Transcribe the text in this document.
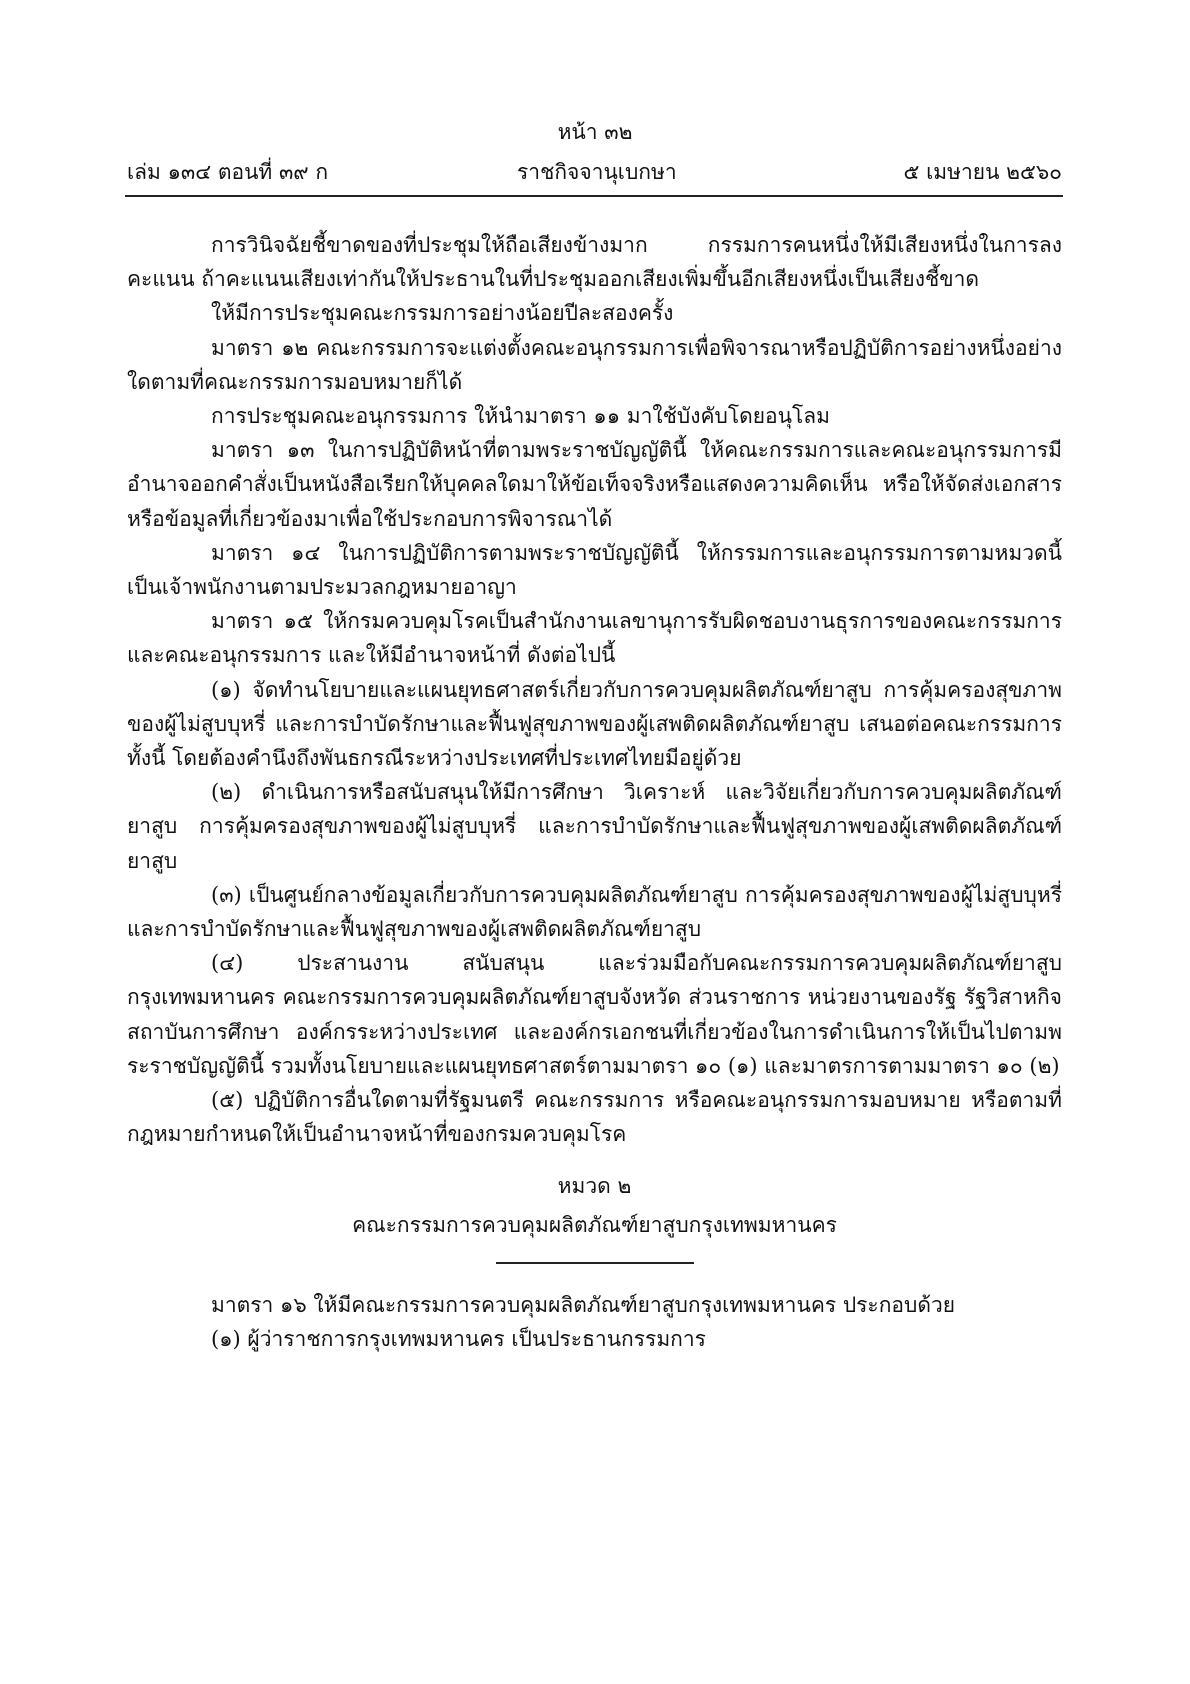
หน้า ๓๒
เล่ม ๑๓๔ ตอนที่ ๓๙ ก	ราชกิจจานุเบกษา	๕ เมษายน ๒๕๖๐

การวินิจฉัยชี้ขาดของที่ประชุมให้ถือเสียงข้างมาก กรรมการคนหนึ่งให้มีเสียงหนึ่งในการลงคะแนน ถ้าคะแนนเสียงเท่ากันให้ประธานในที่ประชุมออกเสียงเพิ่มขึ้นอีกเสียงหนึ่งเป็นเสียงชี้ขาด

ให้มีการประชุมคณะกรรมการอย่างน้อยปีละสองครั้ง

มาตรา ๑๒ คณะกรรมการจะแต่งตั้งคณะอนุกรรมการเพื่อพิจารณาหรือปฏิบัติการอย่างหนึ่งอย่างใดตามที่คณะกรรมการมอบหมายก็ได้

การประชุมคณะอนุกรรมการ ให้นำมาตรา ๑๑ มาใช้บังคับโดยอนุโลม

มาตรา ๑๓ ในการปฏิบัติหน้าที่ตามพระราชบัญญัตินี้ ให้คณะกรรมการและคณะอนุกรรมการมีอำนาจออกคำสั่งเป็นหนังสือเรียกให้บุคคลใดมาให้ข้อเท็จจริงหรือแสดงความคิดเห็น หรือให้จัดส่งเอกสารหรือข้อมูลที่เกี่ยวข้องมาเพื่อใช้ประกอบการพิจารณาได้

มาตรา ๑๔ ในการปฏิบัติการตามพระราชบัญญัตินี้ ให้กรรมการและอนุกรรมการตามหมวดนี้เป็นเจ้าพนักงานตามประมวลกฎหมายอาญา

มาตรา ๑๕ ให้กรมควบคุมโรคเป็นสำนักงานเลขานุการรับผิดชอบงานธุรการของคณะกรรมการและคณะอนุกรรมการ และให้มีอำนาจหน้าที่ ดังต่อไปนี้

(๑) จัดทำนโยบายและแผนยุทธศาสตร์เกี่ยวกับการควบคุมผลิตภัณฑ์ยาสูบ การคุ้มครองสุขภาพของผู้ไม่สูบบุหรี่ และการบำบัดรักษาและฟื้นฟูสุขภาพของผู้เสพติดผลิตภัณฑ์ยาสูบ เสนอต่อคณะกรรมการ ทั้งนี้ โดยต้องคำนึงถึงพันธกรณีระหว่างประเทศที่ประเทศไทยมีอยู่ด้วย

(๒) ดำเนินการหรือสนับสนุนให้มีการศึกษา วิเคราะห์ และวิจัยเกี่ยวกับการควบคุมผลิตภัณฑ์ยาสูบ การคุ้มครองสุขภาพของผู้ไม่สูบบุหรี่ และการบำบัดรักษาและฟื้นฟูสุขภาพของผู้เสพติดผลิตภัณฑ์ยาสูบ

(๓) เป็นศูนย์กลางข้อมูลเกี่ยวกับการควบคุมผลิตภัณฑ์ยาสูบ การคุ้มครองสุขภาพของผู้ไม่สูบบุหรี่ และการบำบัดรักษาและฟื้นฟูสุขภาพของผู้เสพติดผลิตภัณฑ์ยาสูบ

(๔) ประสานงาน สนับสนุน และร่วมมือกับคณะกรรมการควบคุมผลิตภัณฑ์ยาสูบกรุงเทพมหานคร คณะกรรมการควบคุมผลิตภัณฑ์ยาสูบจังหวัด ส่วนราชการ หน่วยงานของรัฐ รัฐวิสาหกิจ สถาบันการศึกษา องค์กรระหว่างประเทศ และองค์กรเอกชนที่เกี่ยวข้องในการดำเนินการให้เป็นไปตามพระราชบัญญัตินี้ รวมทั้งนโยบายและแผนยุทธศาสตร์ตามมาตรา ๑๐ (๑) และมาตรการตามมาตรา ๑๐ (๒)

(๕) ปฏิบัติการอื่นใดตามที่รัฐมนตรี คณะกรรมการ หรือคณะอนุกรรมการมอบหมาย หรือตามที่กฎหมายกำหนดให้เป็นอำนาจหน้าที่ของกรมควบคุมโรค

หมวด ๒

คณะกรรมการควบคุมผลิตภัณฑ์ยาสูบกรุงเทพมหานคร

มาตรา ๑๖ ให้มีคณะกรรมการควบคุมผลิตภัณฑ์ยาสูบกรุงเทพมหานคร ประกอบด้วย

(๑) ผู้ว่าราชการกรุงเทพมหานคร เป็นประธานกรรมการ
